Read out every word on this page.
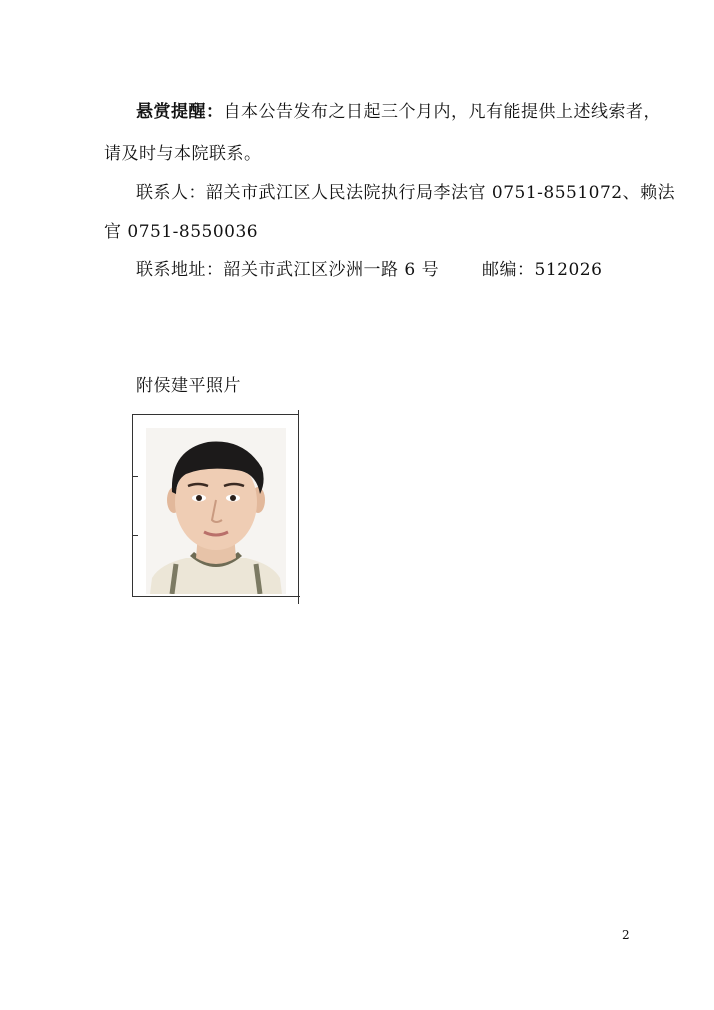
悬赏提醒：自本公告发布之日起三个月内，凡有能提供上述线索者，
请及时与本院联系。
联系人：韶关市武江区人民法院执行局李法官 0751-8551072、赖法
官 0751-8550036
联系地址：韶关市武江区沙洲一路 6 号	邮编：512026
附侯建平照片
2
